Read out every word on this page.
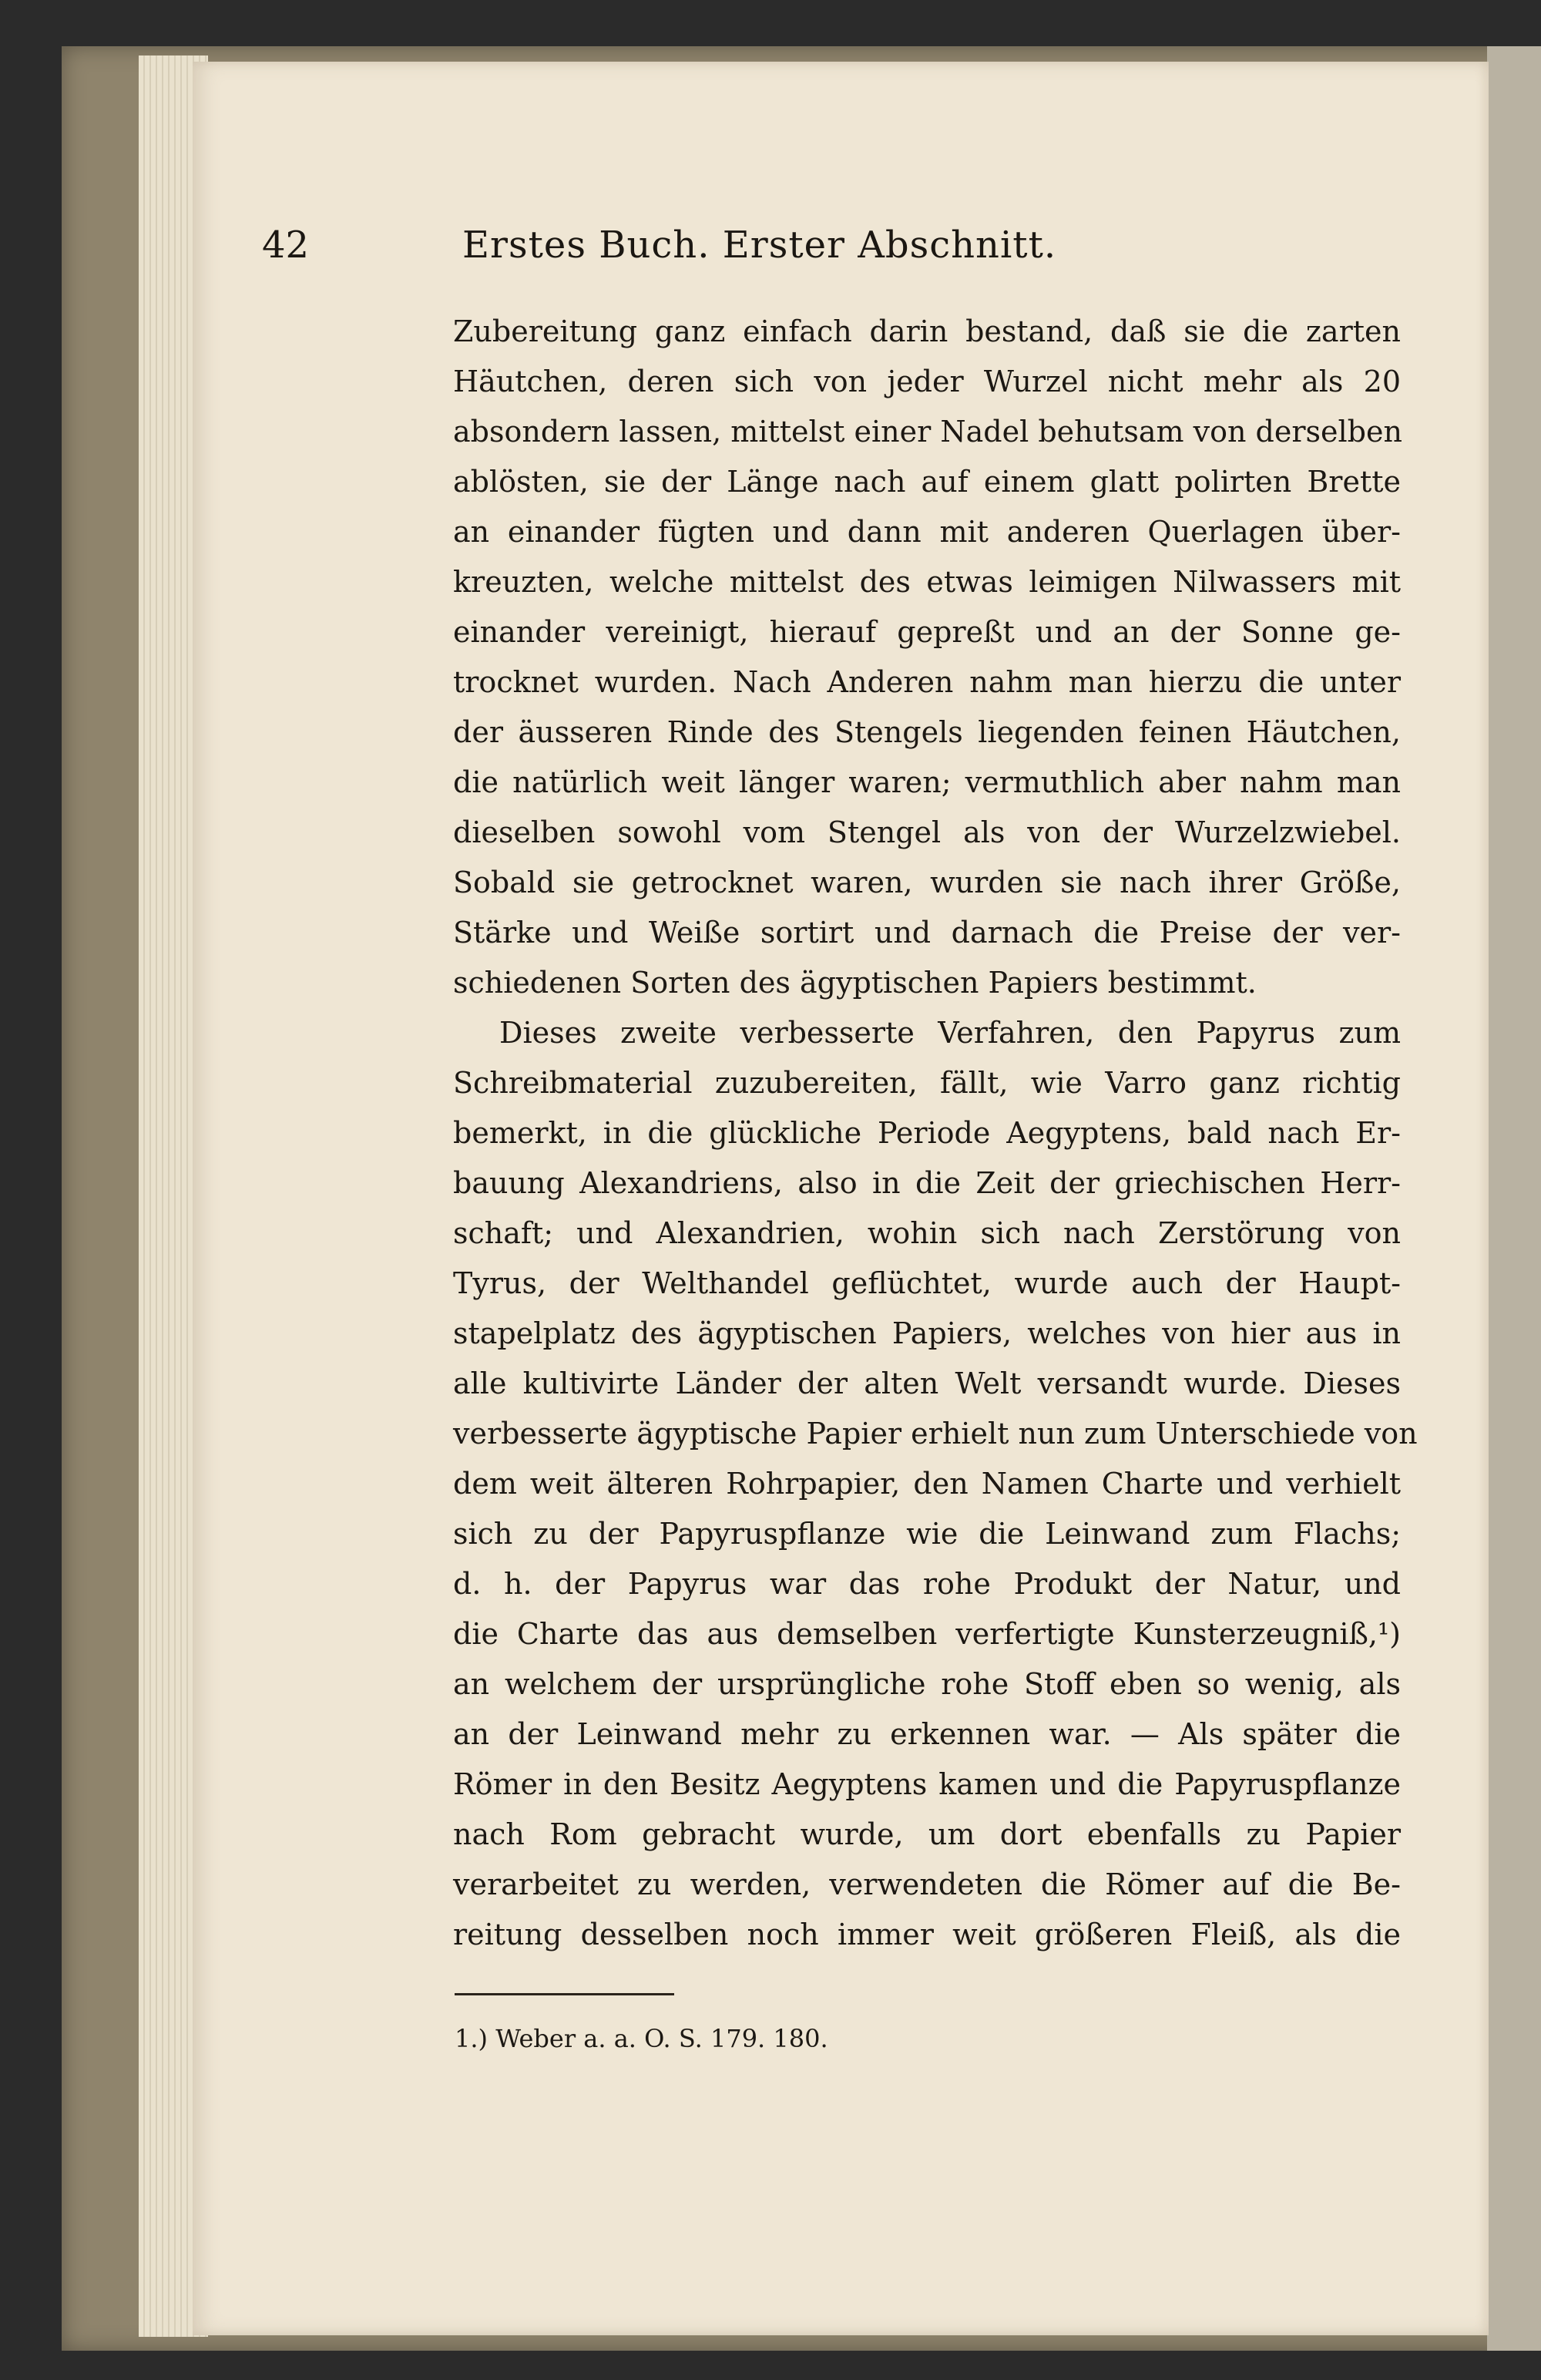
42	Erstes Buch. Erster Abschnitt.
Zubereitung ganz einfach darin bestand, daß sie die zarten
Häutchen, deren sich von jeder Wurzel nicht mehr als 20
absondern lassen, mittelst einer Nadel behutsam von derselben
ablösten, sie der Länge nach auf einem glatt polirten Brette
an einander fügten und dann mit anderen Querlagen über-
kreuzten, welche mittelst des etwas leimigen Nilwassers mit
einander vereinigt, hierauf gepreßt und an der Sonne ge-
trocknet wurden. Nach Anderen nahm man hierzu die unter
der äusseren Rinde des Stengels liegenden feinen Häutchen,
die natürlich weit länger waren; vermuthlich aber nahm man
dieselben sowohl vom Stengel als von der Wurzelzwiebel.
Sobald sie getrocknet waren, wurden sie nach ihrer Größe,
Stärke und Weiße sortirt und darnach die Preise der ver-
schiedenen Sorten des ägyptischen Papiers bestimmt.
Dieses zweite verbesserte Verfahren, den Papyrus zum
Schreibmaterial zuzubereiten, fällt, wie Varro ganz richtig
bemerkt, in die glückliche Periode Aegyptens, bald nach Er-
bauung Alexandriens, also in die Zeit der griechischen Herr-
schaft; und Alexandrien, wohin sich nach Zerstörung von
Tyrus, der Welthandel geflüchtet, wurde auch der Haupt-
stapelplatz des ägyptischen Papiers, welches von hier aus in
alle kultivirte Länder der alten Welt versandt wurde. Dieses
verbesserte ägyptische Papier erhielt nun zum Unterschiede von
dem weit älteren Rohrpapier, den Namen Charte und verhielt
sich zu der Papyruspflanze wie die Leinwand zum Flachs;
d. h. der Papyrus war das rohe Produkt der Natur, und
die Charte das aus demselben verfertigte Kunsterzeugniß,¹)
an welchem der ursprüngliche rohe Stoff eben so wenig, als
an der Leinwand mehr zu erkennen war. — Als später die
Römer in den Besitz Aegyptens kamen und die Papyruspflanze
nach Rom gebracht wurde, um dort ebenfalls zu Papier
verarbeitet zu werden, verwendeten die Römer auf die Be-
reitung desselben noch immer weit größeren Fleiß, als die
1.) Weber a. a. O. S. 179. 180.
